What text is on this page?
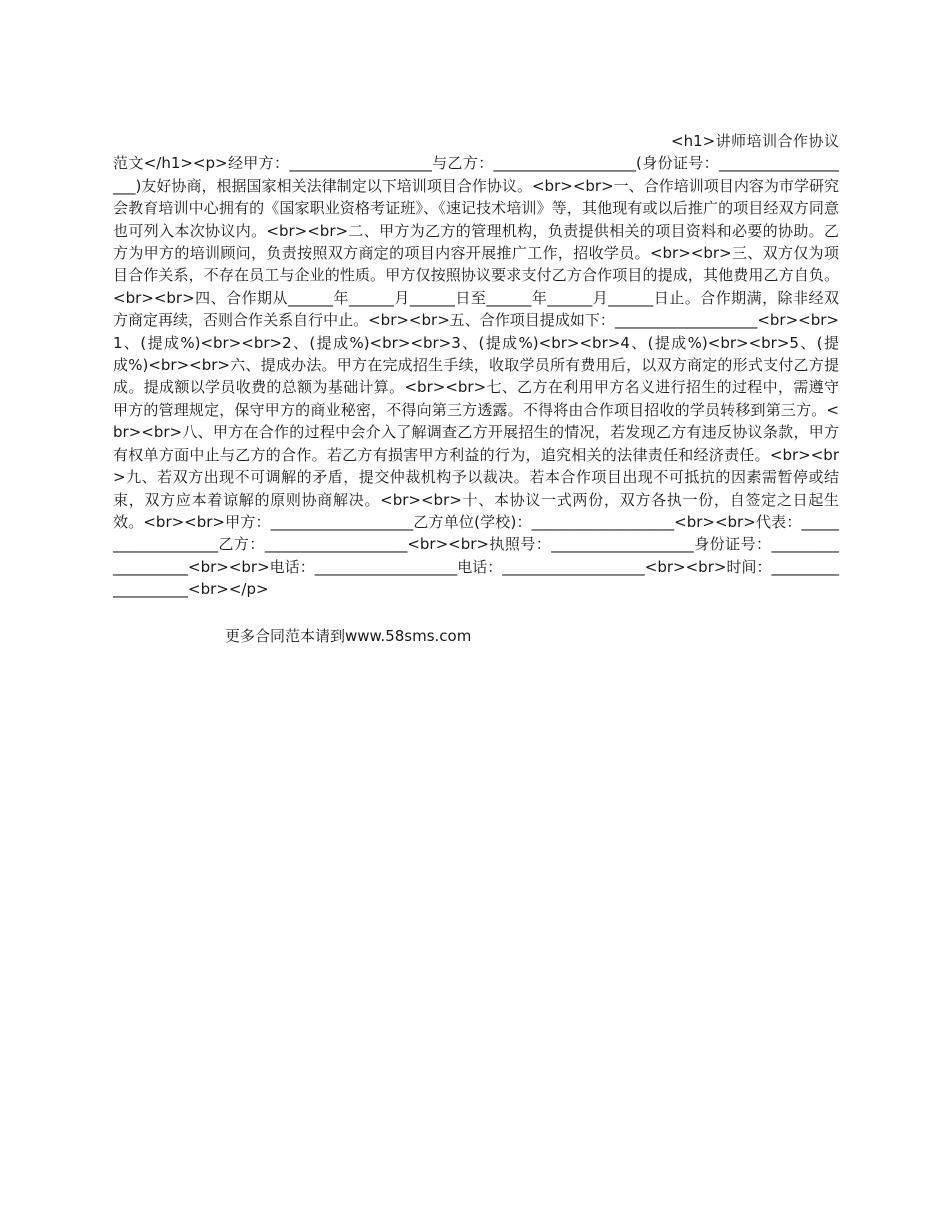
<h1>讲师培训合作协议范文</h1><p>经甲方：___________________与乙方：___________________(身份证号：___________________)友好协商，根据国家相关法律制定以下培训项目合作协议。<br><br>一、合作培训项目内容为市学研究会教育培训中心拥有的《国家职业资格考证班》、《速记技术培训》等，其他现有或以后推广的项目经双方同意也可列入本次协议内。<br><br>二、甲方为乙方的管理机构，负责提供相关的项目资料和必要的协助。乙方为甲方的培训顾问，负责按照双方商定的项目内容开展推广工作，招收学员。<br><br>三、双方仅为项目合作关系，不存在员工与企业的性质。甲方仅按照协议要求支付乙方合作项目的提成，其他费用乙方自负。<br><br>四、合作期从______年______月______日至______年______月______日止。合作期满，除非经双方商定再续，否则合作关系自行中止。<br><br>五、合作项目提成如下：___________________<br><br>1、(提成%)<br><br>2、(提成%)<br><br>3、(提成%)<br><br>4、(提成%)<br><br>5、(提成%)<br><br>六、提成办法。甲方在完成招生手续，收取学员所有费用后，以双方商定的形式支付乙方提成。提成额以学员收费的总额为基础计算。<br><br>七、乙方在利用甲方名义进行招生的过程中，需遵守甲方的管理规定，保守甲方的商业秘密，不得向第三方透露。不得将由合作项目招收的学员转移到第三方。<br><br>八、甲方在合作的过程中会介入了解调查乙方开展招生的情况，若发现乙方有违反协议条款，甲方有权单方面中止与乙方的合作。若乙方有损害甲方利益的行为，追究相关的法律责任和经济责任。<br><br>九、若双方出现不可调解的矛盾，提交仲裁机构予以裁决。若本合作项目出现不可抵抗的因素需暂停或结束，双方应本着谅解的原则协商解决。<br><br>十、本协议一式两份，双方各执一份，自签定之日起生效。<br><br>甲方：___________________乙方单位(学校)：___________________<br><br>代表：___________________乙方：___________________<br><br>执照号：___________________身份证号：___________________<br><br>电话：___________________电话：___________________<br><br>时间：___________________<br></p>

更多合同范本请到www.58sms.com
